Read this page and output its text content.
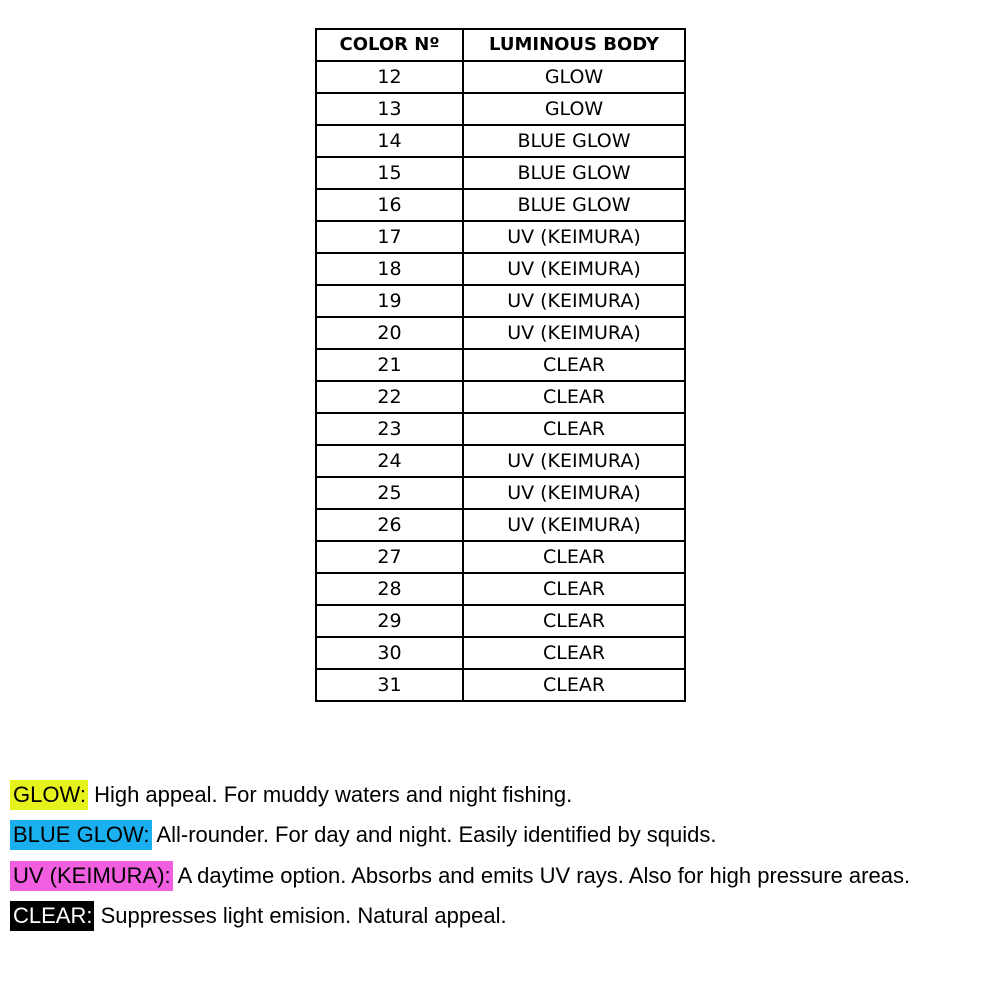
COLOR Nº	LUMINOUS BODY
12	GLOW
13	GLOW
14	BLUE GLOW
15	BLUE GLOW
16	BLUE GLOW
17	UV (KEIMURA)
18	UV (KEIMURA)
19	UV (KEIMURA)
20	UV (KEIMURA)
21	CLEAR
22	CLEAR
23	CLEAR
24	UV (KEIMURA)
25	UV (KEIMURA)
26	UV (KEIMURA)
27	CLEAR
28	CLEAR
29	CLEAR
30	CLEAR
31	CLEAR
GLOW: High appeal. For muddy waters and night fishing.
BLUE GLOW: All-rounder. For day and night. Easily identified by squids.
UV (KEIMURA): A daytime option. Absorbs and emits UV rays. Also for high pressure areas.
CLEAR: Suppresses light emision. Natural appeal.
